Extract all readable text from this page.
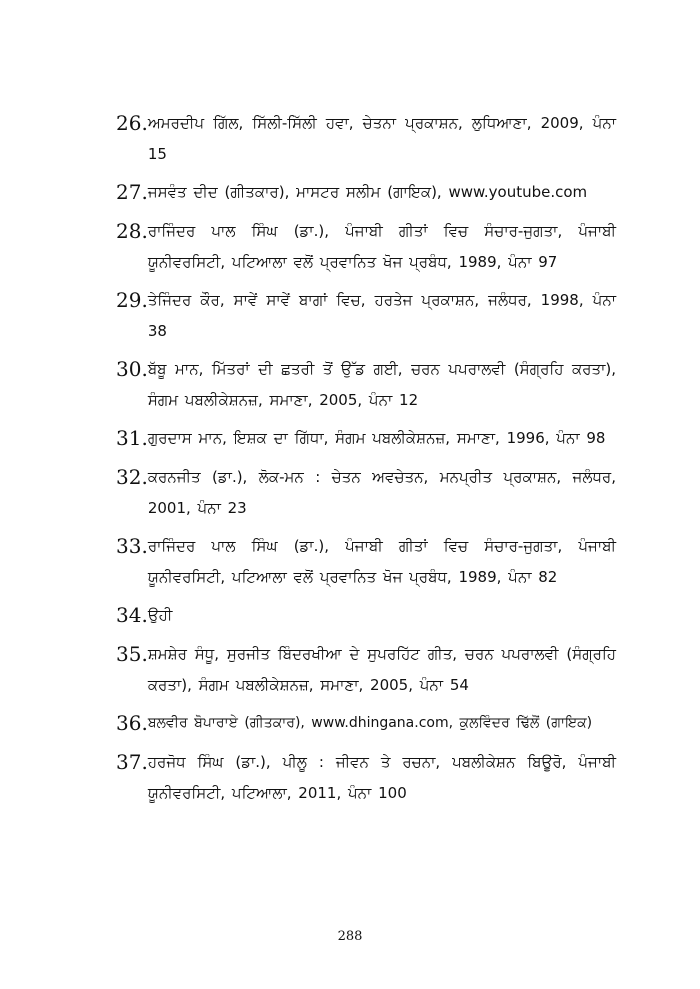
26. ਅਮਰਦੀਪ ਗਿੱਲ, ਸਿੱਲੀ-ਸਿੱਲੀ ਹਵਾ, ਚੇਤਨਾ ਪ੍ਰਕਾਸ਼ਨ, ਲੁਧਿਆਣਾ, 2009, ਪੰਨਾ 15
27. ਜਸਵੰਤ ਦੀਦ (ਗੀਤਕਾਰ), ਮਾਸਟਰ ਸਲੀਮ (ਗਾਇਕ), www.youtube.com
28. ਰਾਜਿੰਦਰ ਪਾਲ ਸਿੰਘ (ਡਾ.), ਪੰਜਾਬੀ ਗੀਤਾਂ ਵਿਚ ਸੰਚਾਰ-ਜੁਗਤਾ, ਪੰਜਾਬੀ ਯੂਨੀਵਰਸਿਟੀ, ਪਟਿਆਲਾ ਵਲੋਂ ਪ੍ਰਵਾਨਿਤ ਖੋਜ ਪ੍ਰਬੰਧ, 1989, ਪੰਨਾ 97
29. ਤੇਜਿੰਦਰ ਕੌਰ, ਸਾਵੇਂ ਸਾਵੇਂ ਬਾਗਾਂ ਵਿਚ, ਹਰਤੇਜ ਪ੍ਰਕਾਸ਼ਨ, ਜਲੰਧਰ, 1998, ਪੰਨਾ 38
30. ਬੱਬੂ ਮਾਨ, ਮਿੱਤਰਾਂ ਦੀ ਛਤਰੀ ਤੋਂ ਉੱਡ ਗਈ, ਚਰਨ ਪਪਰਾਲਵੀ (ਸੰਗ੍ਰਹਿ ਕਰਤਾ), ਸੰਗਮ ਪਬਲੀਕੇਸ਼ਨਜ਼, ਸਮਾਣਾ, 2005, ਪੰਨਾ 12
31. ਗੁਰਦਾਸ ਮਾਨ, ਇਸ਼ਕ ਦਾ ਗਿੱਧਾ, ਸੰਗਮ ਪਬਲੀਕੇਸ਼ਨਜ਼, ਸਮਾਣਾ, 1996, ਪੰਨਾ 98
32. ਕਰਨਜੀਤ (ਡਾ.), ਲੋਕ-ਮਨ : ਚੇਤਨ ਅਵਚੇਤਨ, ਮਨਪ੍ਰੀਤ ਪ੍ਰਕਾਸ਼ਨ, ਜਲੰਧਰ, 2001, ਪੰਨਾ 23
33. ਰਾਜਿੰਦਰ ਪਾਲ ਸਿੰਘ (ਡਾ.), ਪੰਜਾਬੀ ਗੀਤਾਂ ਵਿਚ ਸੰਚਾਰ-ਜੁਗਤਾ, ਪੰਜਾਬੀ ਯੂਨੀਵਰਸਿਟੀ, ਪਟਿਆਲਾ ਵਲੋਂ ਪ੍ਰਵਾਨਿਤ ਖੋਜ ਪ੍ਰਬੰਧ, 1989, ਪੰਨਾ 82
34. ਉਹੀ
35. ਸ਼ਮਸ਼ੇਰ ਸੰਧੂ, ਸੁਰਜੀਤ ਬਿੰਦਰਖੀਆ ਦੇ ਸੁਪਰਹਿੱਟ ਗੀਤ, ਚਰਨ ਪਪਰਾਲਵੀ (ਸੰਗ੍ਰਹਿ ਕਰਤਾ), ਸੰਗਮ ਪਬਲੀਕੇਸ਼ਨਜ਼, ਸਮਾਣਾ, 2005, ਪੰਨਾ 54
36. ਬਲਵੀਰ ਬੋਪਾਰਾਏ (ਗੀਤਕਾਰ), www.dhingana.com, ਕੁਲਵਿੰਦਰ ਢਿੱਲੋਂ (ਗਾਇਕ)
37. ਹਰਜੋਧ ਸਿੰਘ (ਡਾ.), ਪੀਲੂ : ਜੀਵਨ ਤੇ ਰਚਨਾ, ਪਬਲੀਕੇਸ਼ਨ ਬਿਊਰੋ, ਪੰਜਾਬੀ ਯੂਨੀਵਰਸਿਟੀ, ਪਟਿਆਲਾ, 2011, ਪੰਨਾ 100
288
